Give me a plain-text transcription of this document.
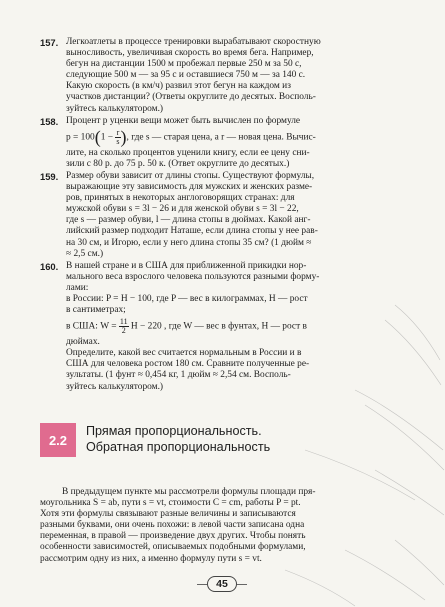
157. Легкоатлеты в процессе тренировки вырабатывают скоростную
выносливость, увеличивая скорость во время бега. Например,
бегун на дистанции 1500 м пробежал первые 250 м за 50 с,
следующие 500 м — за 95 с и оставшиеся 750 м — за 140 с.
Какую скорость (в км/ч) развил этот бегун на каждом из
участков дистанции? (Ответы округлите до десятых. Восполь-
зуйтесь калькулятором.)
158. Процент p уценки вещи может быть вычислен по формуле
$p = 100(1 - \frac{r}{s}$ ), где s — старая цена, а r — новая цена. Вычис-
лите, на сколько процентов уценили книгу, если ее цену сни-
зили с 80 р. до 75 р. 50 к. (Ответ округлите до десятых.)
159. Размер обуви зависит от длины стопы. Существуют формулы,
выражающие эту зависимость для мужских и женских разме-
ров, принятых в некоторых англоговорящих странах: для
мужской обуви s = 3l − 26 и для женской обуви s = 3l − 22,
где s — размер обуви, l — длина стопы в дюймах. Какой анг-
лийский размер подходит Наташе, если длина стопы у нее рав-
на 30 см, и Игорю, если у него длина стопы 35 см? (1 дюйм ≈
≈ 2,5 см.)
160. В нашей стране и в США для приближенной прикидки нор-
мального веса взрослого человека пользуются разными форму-
лами:
в России: P = H − 100, где P — вес в килограммах, H — рост
в сантиметрах;
в США: $W = \frac{11}{2}$ H − 220 , где W — вес в фунтах, H — рост в
дюймах.
Определите, какой вес считается нормальным в России и в
США для человека ростом 180 см. Сравните полученные ре-
зультаты. (1 фунт ≈ 0,454 кг, 1 дюйм ≈ 2,54 см. Восполь-
зуйтесь калькулятором.)
2.2
Прямая пропорциональность.
Обратная пропорциональность
В предыдущем пункте мы рассмотрели формулы площади пря-
моугольника S = ab, пути s = vt, стоимости C = cm, работы P = pt.
Хотя эти формулы связывают разные величины и записываются
разными буквами, они очень похожи: в левой части записана одна
переменная, в правой — произведение двух других. Чтобы понять
особенности зависимостей, описываемых подобными формулами,
рассмотрим одну из них, а именно формулу пути s = vt.
45
